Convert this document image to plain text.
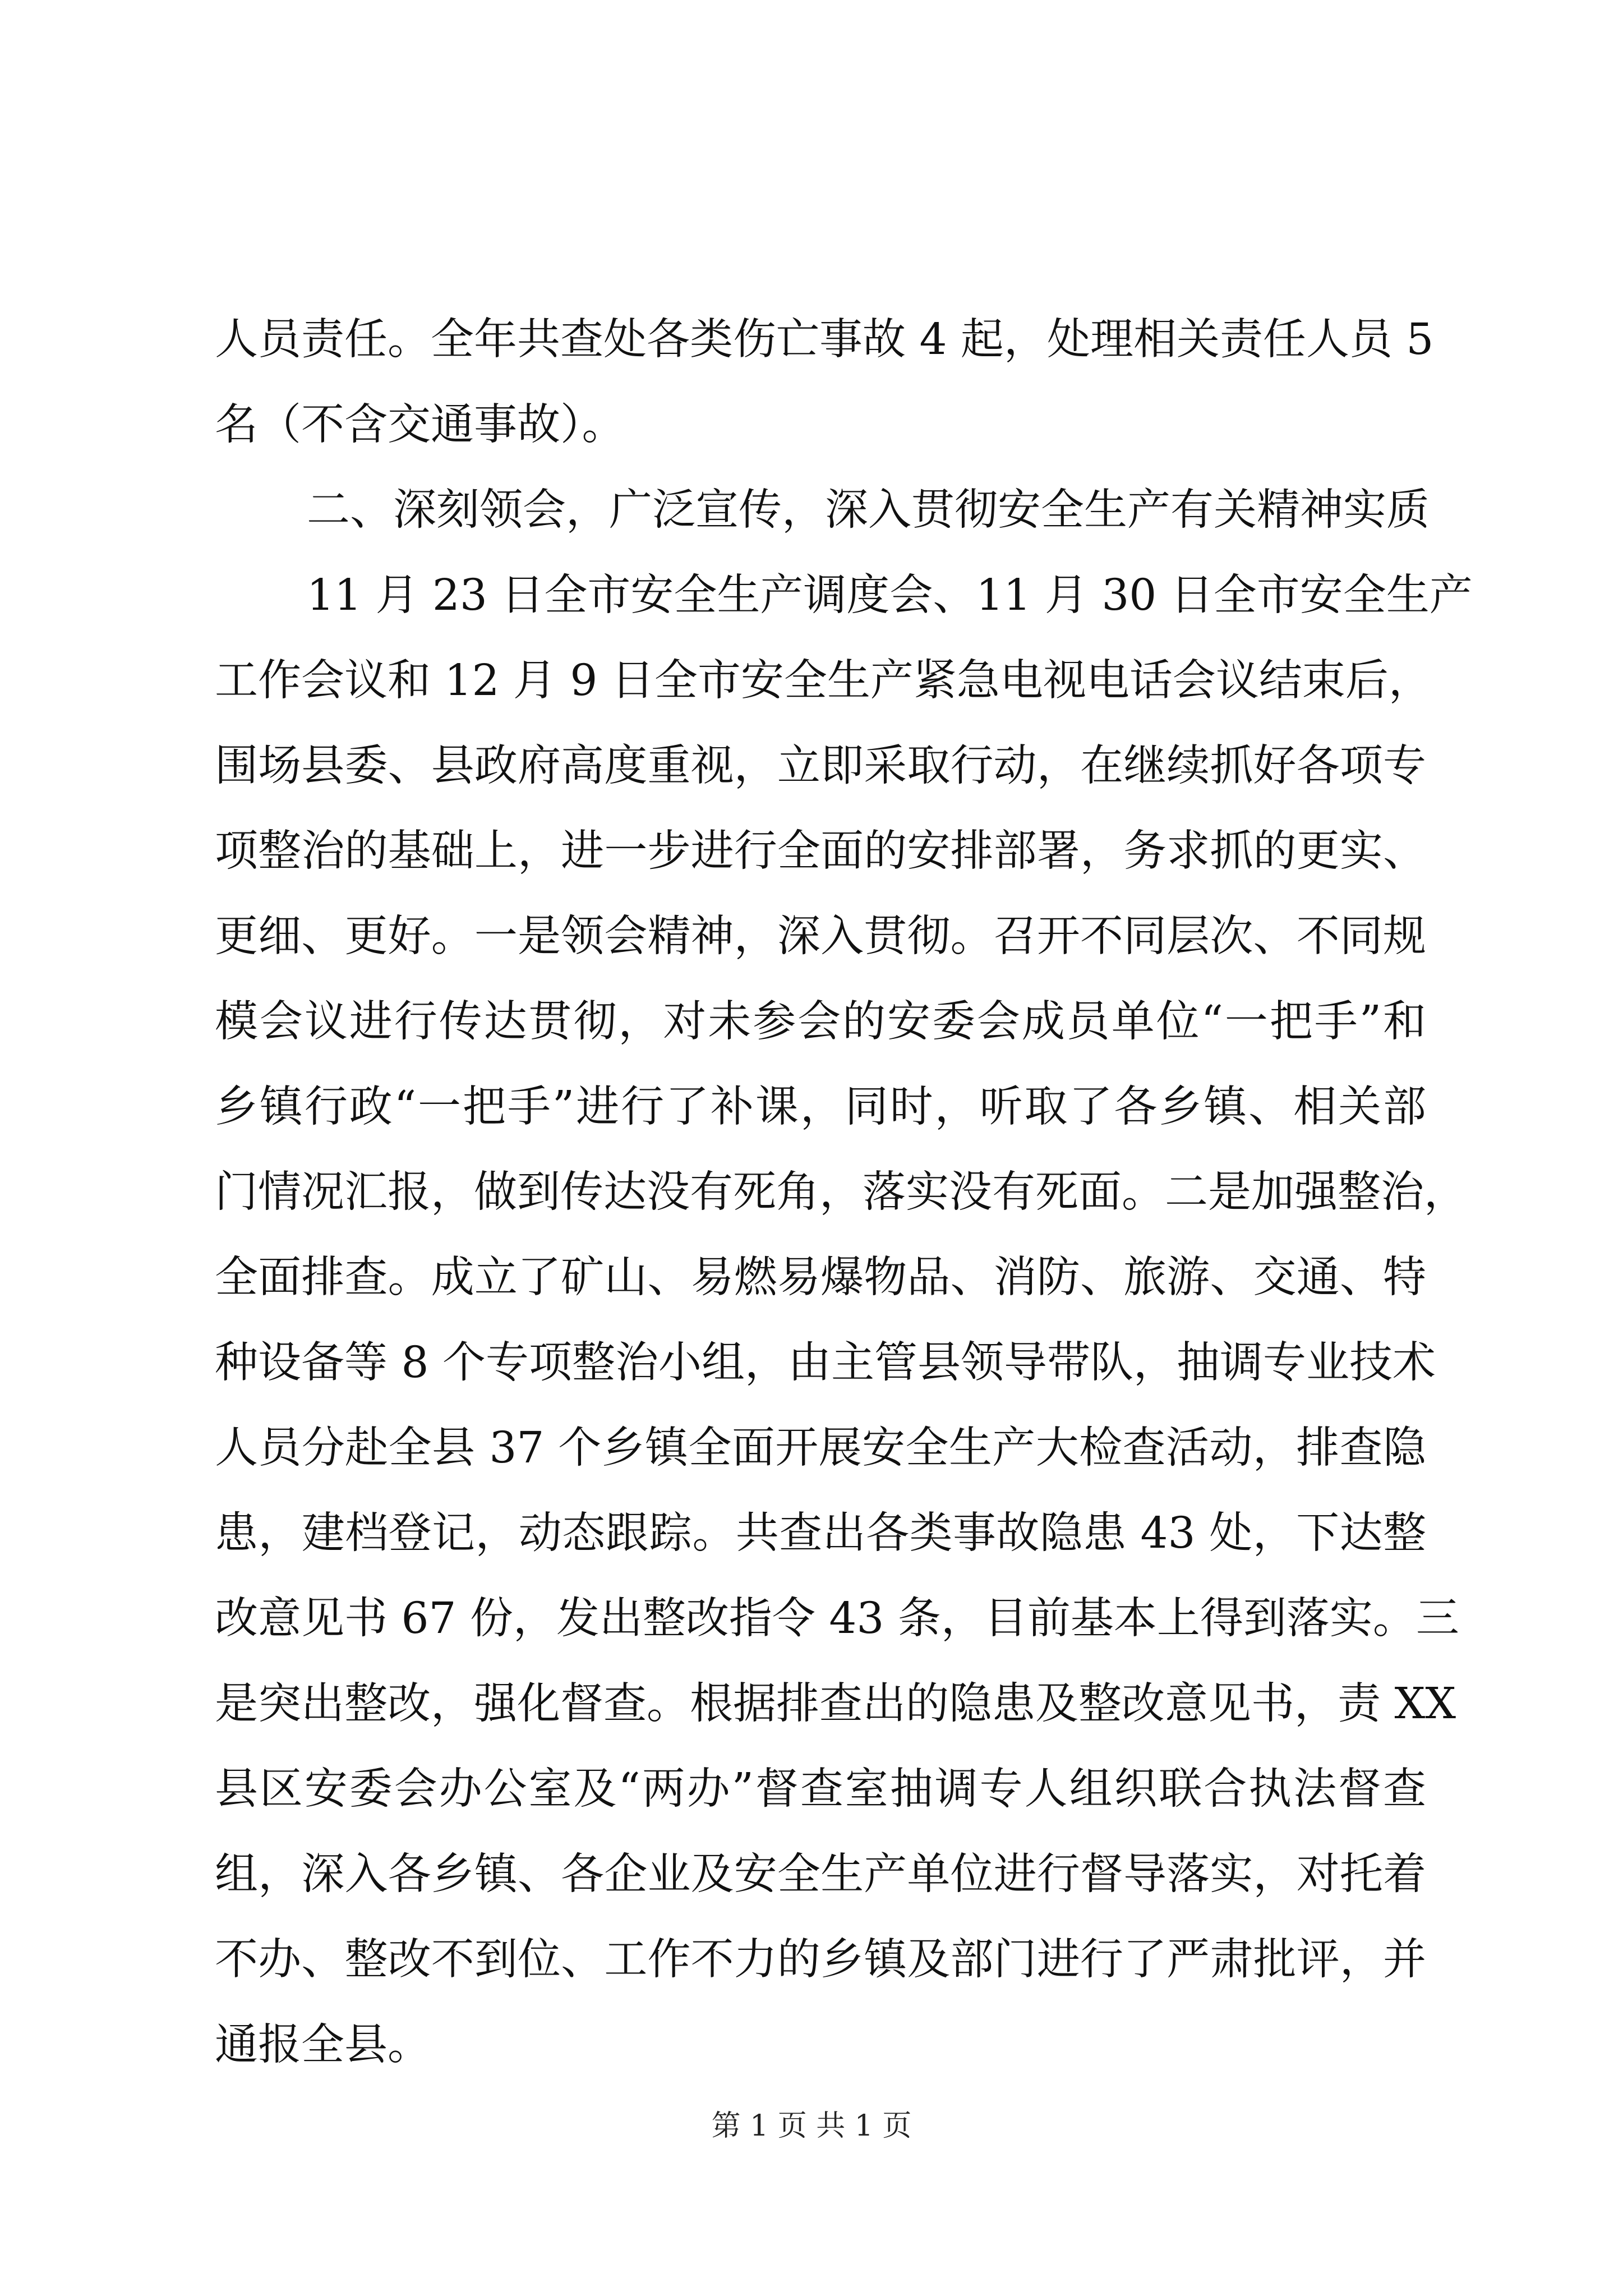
人员责任。全年共查处各类伤亡事故 4 起，处理相关责任人员 5
名（不含交通事故）。
二、深刻领会，广泛宣传，深入贯彻安全生产有关精神实质
11 月 23 日全市安全生产调度会、11 月 30 日全市安全生产
工作会议和 12 月 9 日全市安全生产紧急电视电话会议结束后，
围场县委、县政府高度重视，立即采取行动，在继续抓好各项专
项整治的基础上，进一步进行全面的安排部署，务求抓的更实、
更细、更好。一是领会精神，深入贯彻。召开不同层次、不同规
模会议进行传达贯彻，对未参会的安委会成员单位“一把手”和
乡镇行政“一把手”进行了补课，同时，听取了各乡镇、相关部
门情况汇报，做到传达没有死角，落实没有死面。二是加强整治，
全面排查。成立了矿山、易燃易爆物品、消防、旅游、交通、特
种设备等 8 个专项整治小组，由主管县领导带队，抽调专业技术
人员分赴全县 37 个乡镇全面开展安全生产大检查活动，排查隐
患，建档登记，动态跟踪。共查出各类事故隐患 43 处，下达整
改意见书 67 份，发出整改指令 43 条，目前基本上得到落实。三
是突出整改，强化督查。根据排查出的隐患及整改意见书，责 XX
县区安委会办公室及“两办”督查室抽调专人组织联合执法督查
组，深入各乡镇、各企业及安全生产单位进行督导落实，对托着
不办、整改不到位、工作不力的乡镇及部门进行了严肃批评，并
通报全县。
第 1 页 共 1 页
